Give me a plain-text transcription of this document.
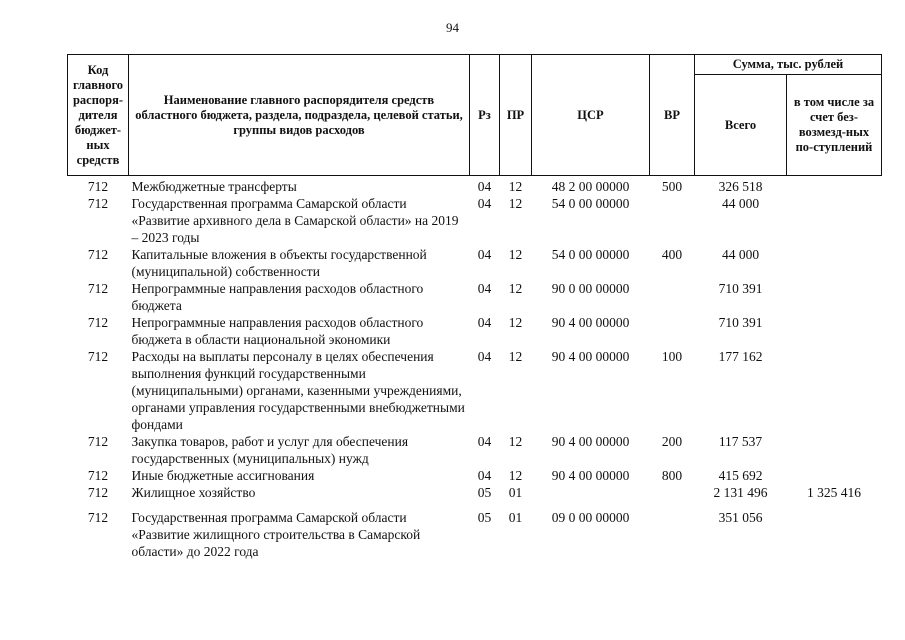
94
Код главного распоря-дителя бюджет-ных средств	Наименование главного распорядителя средств областного бюджета, раздела, подраздела, целевой статьи, группы видов расходов	Рз	ПР	ЦСР	ВР	Сумма, тыс. рублей	
						Всего	в том числе за счет без-возмезд-ных по-ступлений
712	Межбюджетные трансферты	04	12	48 2 00 00000	500	326 518	
712	Государственная программа Самарской области «Развитие архивного дела в Самарской области» на 2019 – 2023 годы	04	12	54 0 00 00000		44 000	
712	Капитальные вложения в объекты государственной (муниципальной) собственности	04	12	54 0 00 00000	400	44 000	
712	Непрограммные направления расходов областного бюджета	04	12	90 0 00 00000		710 391	
712	Непрограммные направления расходов областного бюджета в области национальной экономики	04	12	90 4 00 00000		710 391	
712	Расходы на выплаты персоналу в целях обеспечения выполнения функций государственными (муниципальными) органами, казенными учреждениями, органами управления государственными внебюджетными фондами	04	12	90 4 00 00000	100	177 162	
712	Закупка товаров, работ и услуг для обеспечения государственных (муниципальных) нужд	04	12	90 4 00 00000	200	117 537	
712	Иные бюджетные ассигнования	04	12	90 4 00 00000	800	415 692	
712	Жилищное хозяйство	05	01			2 131 496	1 325 416
712	Государственная программа Самарской области «Развитие жилищного строительства в Самарской области» до 2022 года	05	01	09 0 00 00000		351 056	
